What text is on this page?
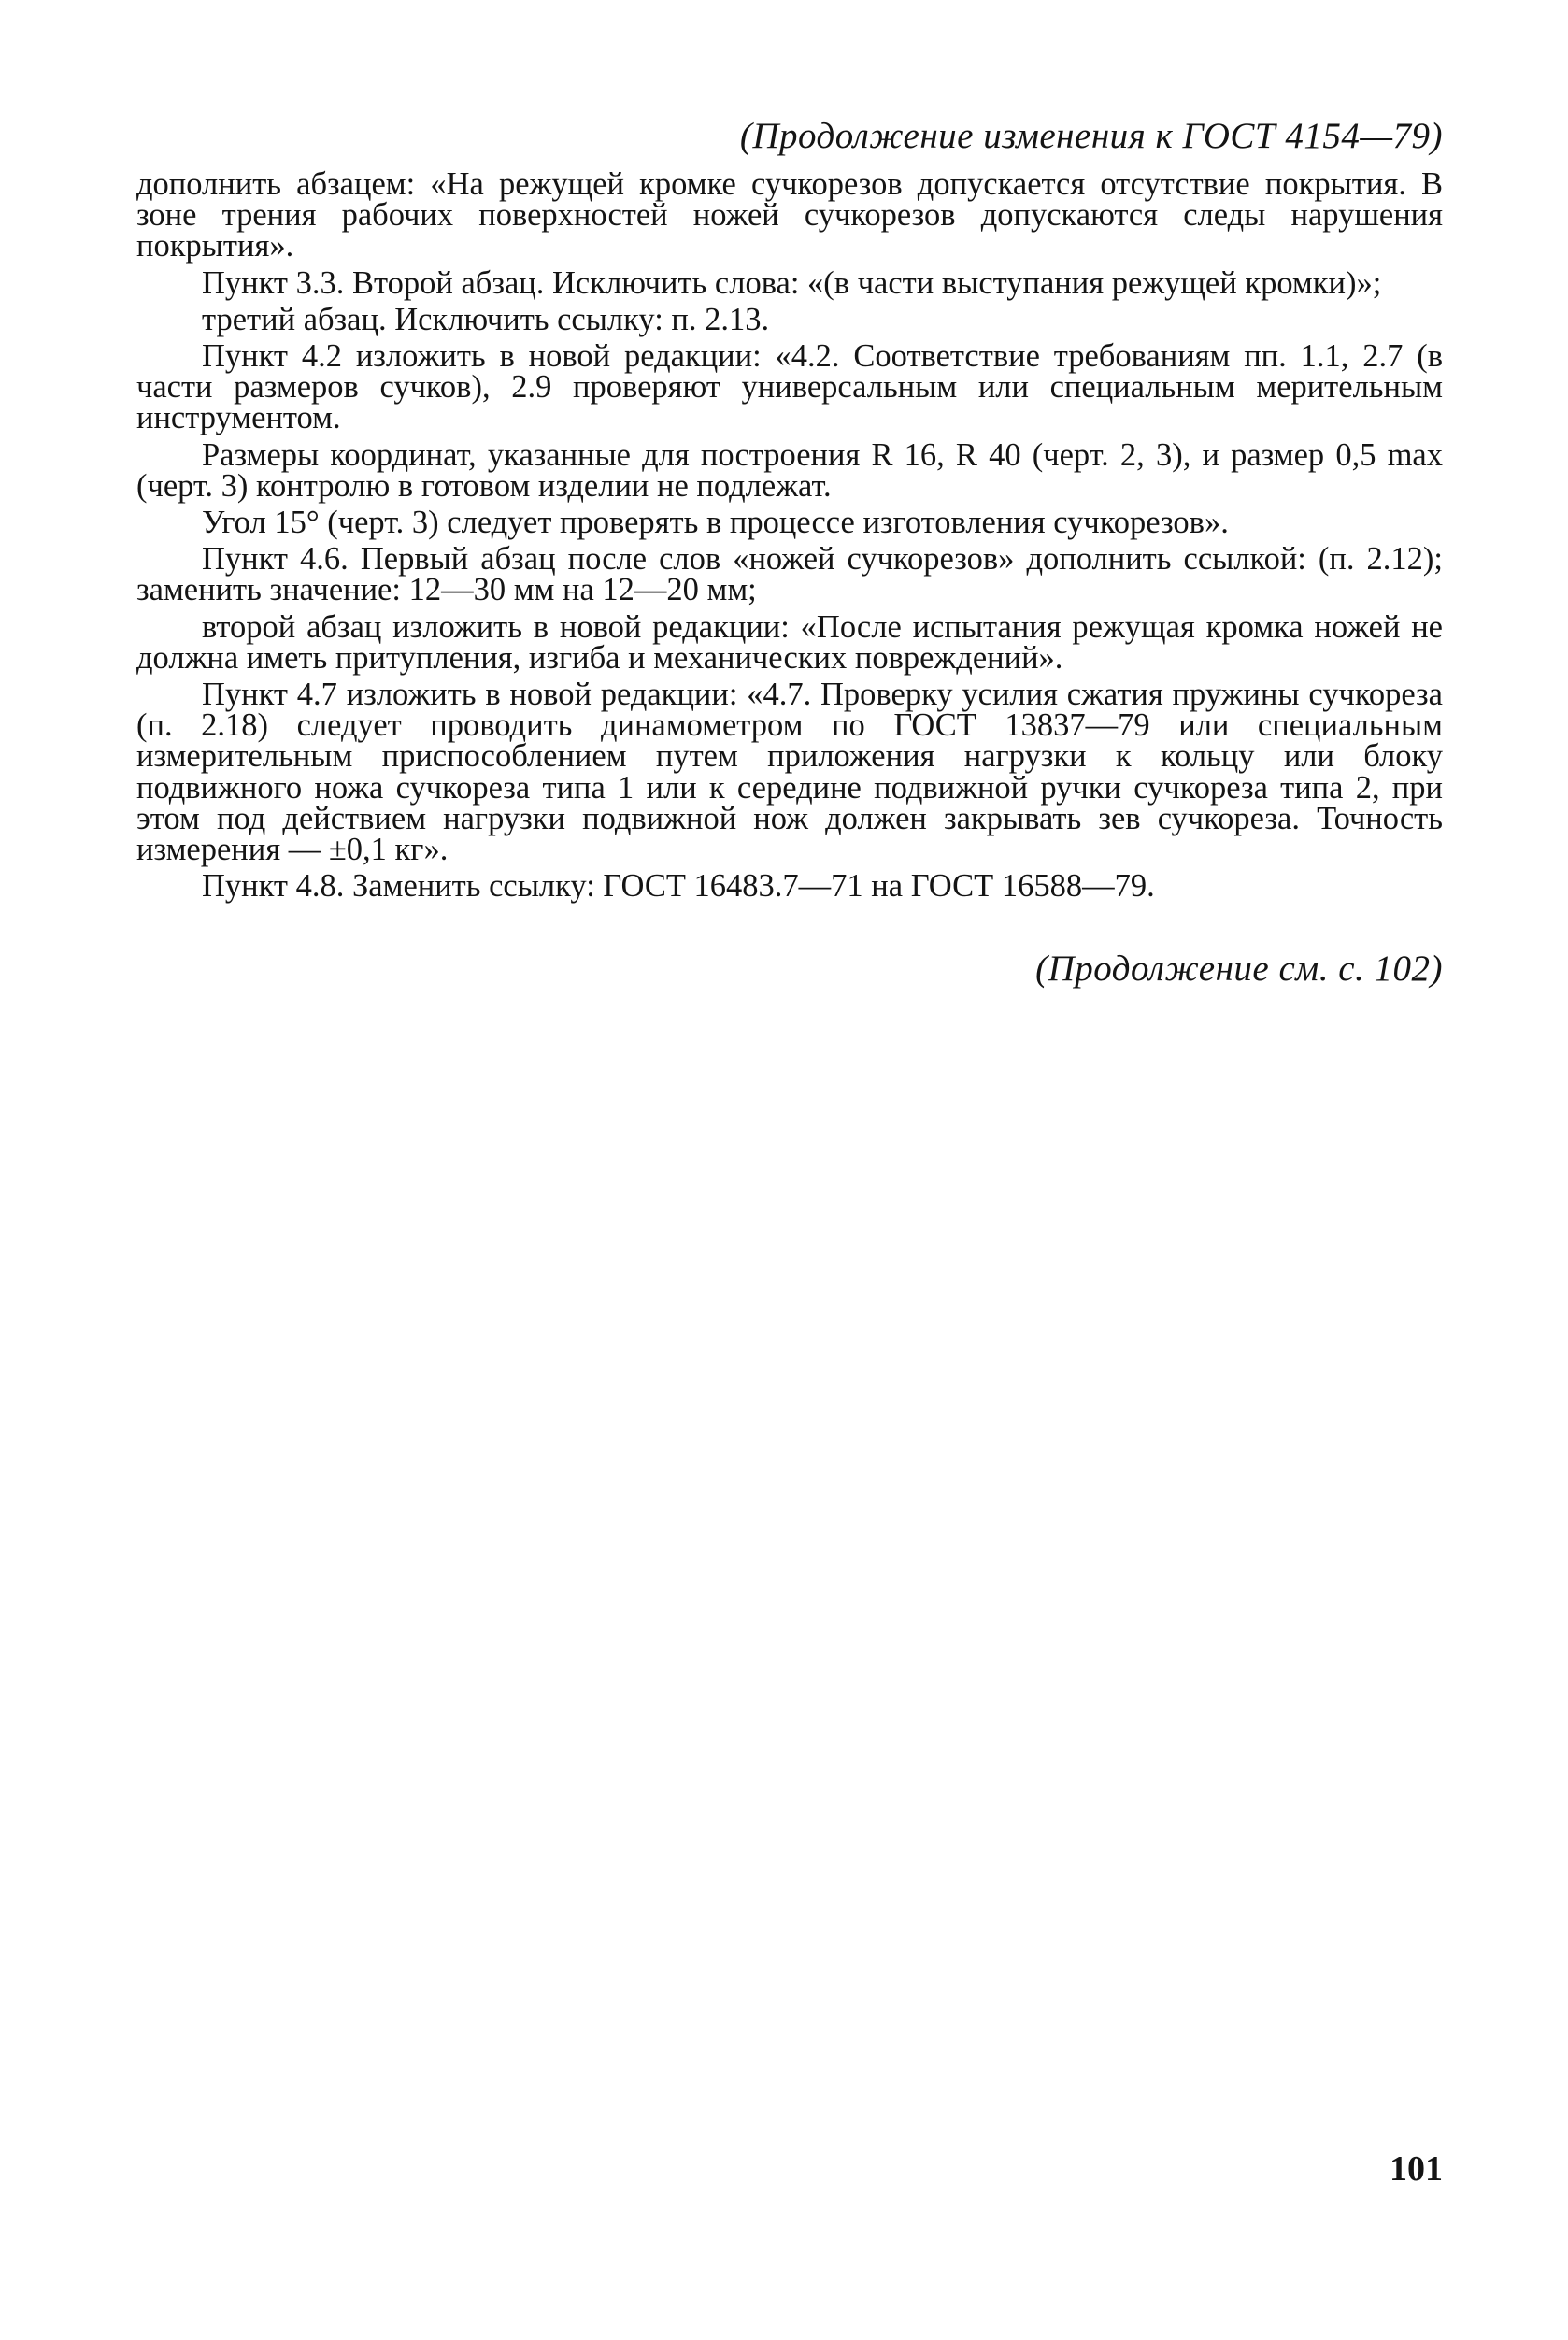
(Продолжение изменения к ГОСТ 4154—79)

дополнить абзацем: «На режущей кромке сучкорезов допускается отсутствие покрытия. В зоне трения рабочих поверхностей ножей сучкорезов допускаются следы нарушения покрытия».

Пункт 3.3. Второй абзац. Исключить слова: «(в части выступания режущей кромки)»;

третий абзац. Исключить ссылку: п. 2.13.

Пункт 4.2 изложить в новой редакции: «4.2. Соответствие требованиям пп. 1.1, 2.7 (в части размеров сучков), 2.9 проверяют универсальным или специальным мерительным инструментом.

Размеры координат, указанные для построения R 16, R 40 (черт. 2, 3), и размер 0,5 max (черт. 3) контролю в готовом изделии не подлежат.

Угол 15° (черт. 3) следует проверять в процессе изготовления сучкорезов».

Пункт 4.6. Первый абзац после слов «ножей сучкорезов» дополнить ссылкой: (п. 2.12); заменить значение: 12—30 мм на 12—20 мм;

второй абзац изложить в новой редакции: «После испытания режущая кромка ножей не должна иметь притупления, изгиба и механических повреждений».

Пункт 4.7 изложить в новой редакции: «4.7. Проверку усилия сжатия пружины сучкореза (п. 2.18) следует проводить динамометром по ГОСТ 13837—79 или специальным измерительным приспособлением путем приложения нагрузки к кольцу или блоку подвижного ножа сучкореза типа 1 или к середине подвижной ручки сучкореза типа 2, при этом под действием нагрузки подвижной нож должен закрывать зев сучкореза. Точность измерения — ±0,1 кг».

Пункт 4.8. Заменить ссылку: ГОСТ 16483.7—71 на ГОСТ 16588—79.

(Продолжение см. с. 102)
101
